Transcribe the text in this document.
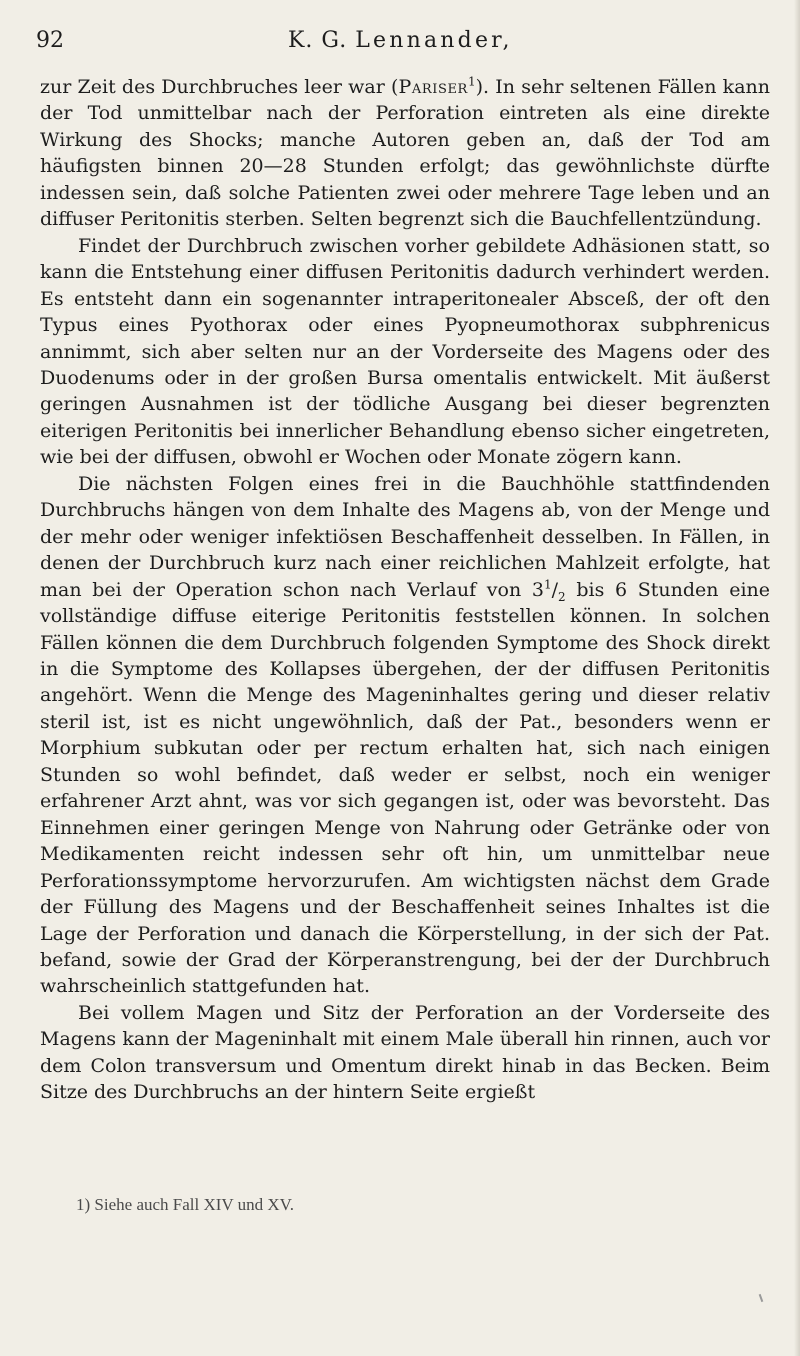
92	K. G. Lennander,

zur Zeit des Durchbruches leer war (Pariser$^1$). In sehr seltenen Fällen kann der Tod unmittelbar nach der Perforation eintreten als eine direkte Wirkung des Shocks; manche Autoren geben an, daß der Tod am häufigsten binnen 20—28 Stunden erfolgt; das gewöhnlichste dürfte indessen sein, daß solche Patienten zwei oder mehrere Tage leben und an diffuser Peritonitis sterben. Selten begrenzt sich die Bauchfellentzündung.

Findet der Durchbruch zwischen vorher gebildete Adhäsionen statt, so kann die Entstehung einer diffusen Peritonitis dadurch verhindert werden. Es entsteht dann ein sogenannter intraperitonealer Absceß, der oft den Typus eines Pyothorax oder eines Pyopneumothorax subphrenicus annimmt, sich aber selten nur an der Vorderseite des Magens oder des Duodenums oder in der großen Bursa omentalis entwickelt. Mit äußerst geringen Ausnahmen ist der tödliche Ausgang bei dieser begrenzten eiterigen Peritonitis bei innerlicher Behandlung ebenso sicher eingetreten, wie bei der diffusen, obwohl er Wochen oder Monate zögern kann.

Die nächsten Folgen eines frei in die Bauchhöhle stattfindenden Durchbruchs hängen von dem Inhalte des Magens ab, von der Menge und der mehr oder weniger infektiösen Beschaffenheit desselben. In Fällen, in denen der Durchbruch kurz nach einer reichlichen Mahlzeit erfolgte, hat man bei der Operation schon nach Verlauf von $3^1/_2$ bis 6 Stunden eine vollständige diffuse eiterige Peritonitis feststellen können. In solchen Fällen können die dem Durchbruch folgenden Symptome des Shock direkt in die Symptome des Kollapses übergehen, der der diffusen Peritonitis angehört. Wenn die Menge des Mageninhaltes gering und dieser relativ steril ist, ist es nicht ungewöhnlich, daß der Pat., besonders wenn er Morphium subkutan oder per rectum erhalten hat, sich nach einigen Stunden so wohl befindet, daß weder er selbst, noch ein weniger erfahrener Arzt ahnt, was vor sich gegangen ist, oder was bevorsteht. Das Einnehmen einer geringen Menge von Nahrung oder Getränke oder von Medikamenten reicht indessen sehr oft hin, um unmittelbar neue Perforationssymptome hervorzurufen. Am wichtigsten nächst dem Grade der Füllung des Magens und der Beschaffenheit seines Inhaltes ist die Lage der Perforation und danach die Körperstellung, in der sich der Pat. befand, sowie der Grad der Körperanstrengung, bei der der Durchbruch wahrscheinlich stattgefunden hat.

Bei vollem Magen und Sitz der Perforation an der Vorderseite des Magens kann der Mageninhalt mit einem Male überall hin rinnen, auch vor dem Colon transversum und Omentum direkt hinab in das Becken. Beim Sitze des Durchbruchs an der hintern Seite ergießt

1) Siehe auch Fall XIV und XV.
